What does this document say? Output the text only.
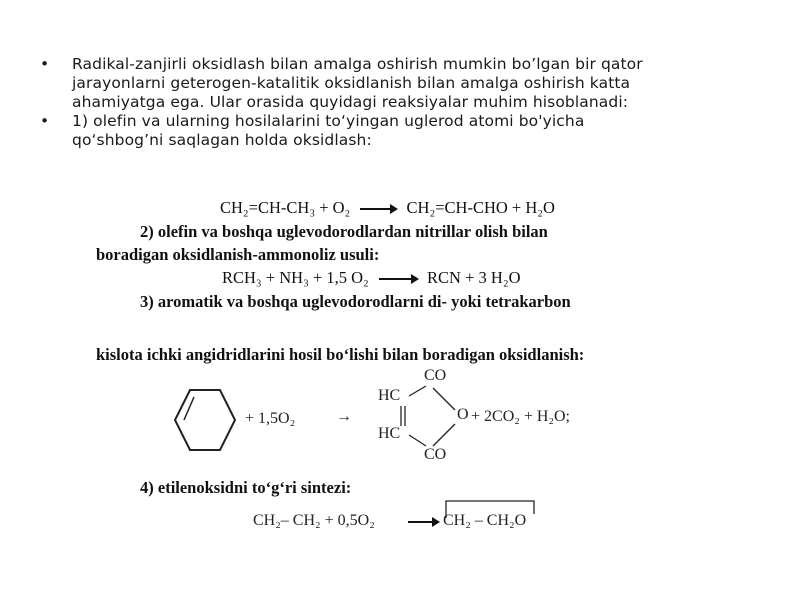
• Radikal-zanjirli oksidlash bilan amalga oshirish mumkin bo’lgan bir qator
jarayonlarni geterogen-katalitik oksidlanish bilan amalga oshirish katta
ahamiyatga ega. Ular orasida quyidagi reaksiyalar muhim hisoblanadi:
• 1) olefin va ularning hosilalarini to‘yingan uglerod atomi bo'yicha
qo‘shbog’ni saqlagan holda oksidlash:
CH₂=CH-CH₃ + O₂ → CH₂=CH-CHO + H₂O
2) olefin va boshqa uglevodorodlardan nitrillar olish bilan
boradigan oksidlanish-ammonoliz usuli:
RCH₃ + NH₃ + 1,5 O₂ → RCN + 3 H₂O
3) aromatik va boshqa uglevodorodlarni di- yoki tetrakarbon
kislota ichki angidridlarini hosil bo‘lishi bilan boradigan oksidlanish:
+ 1,5O₂	→
CO
HC
HC
CO
O + 2CO₂ + H₂O;
4) etilenoksidni to‘g‘ri sintezi:
CH₂– CH₂ + 0,5O₂ → CH₂ – CH₂O
